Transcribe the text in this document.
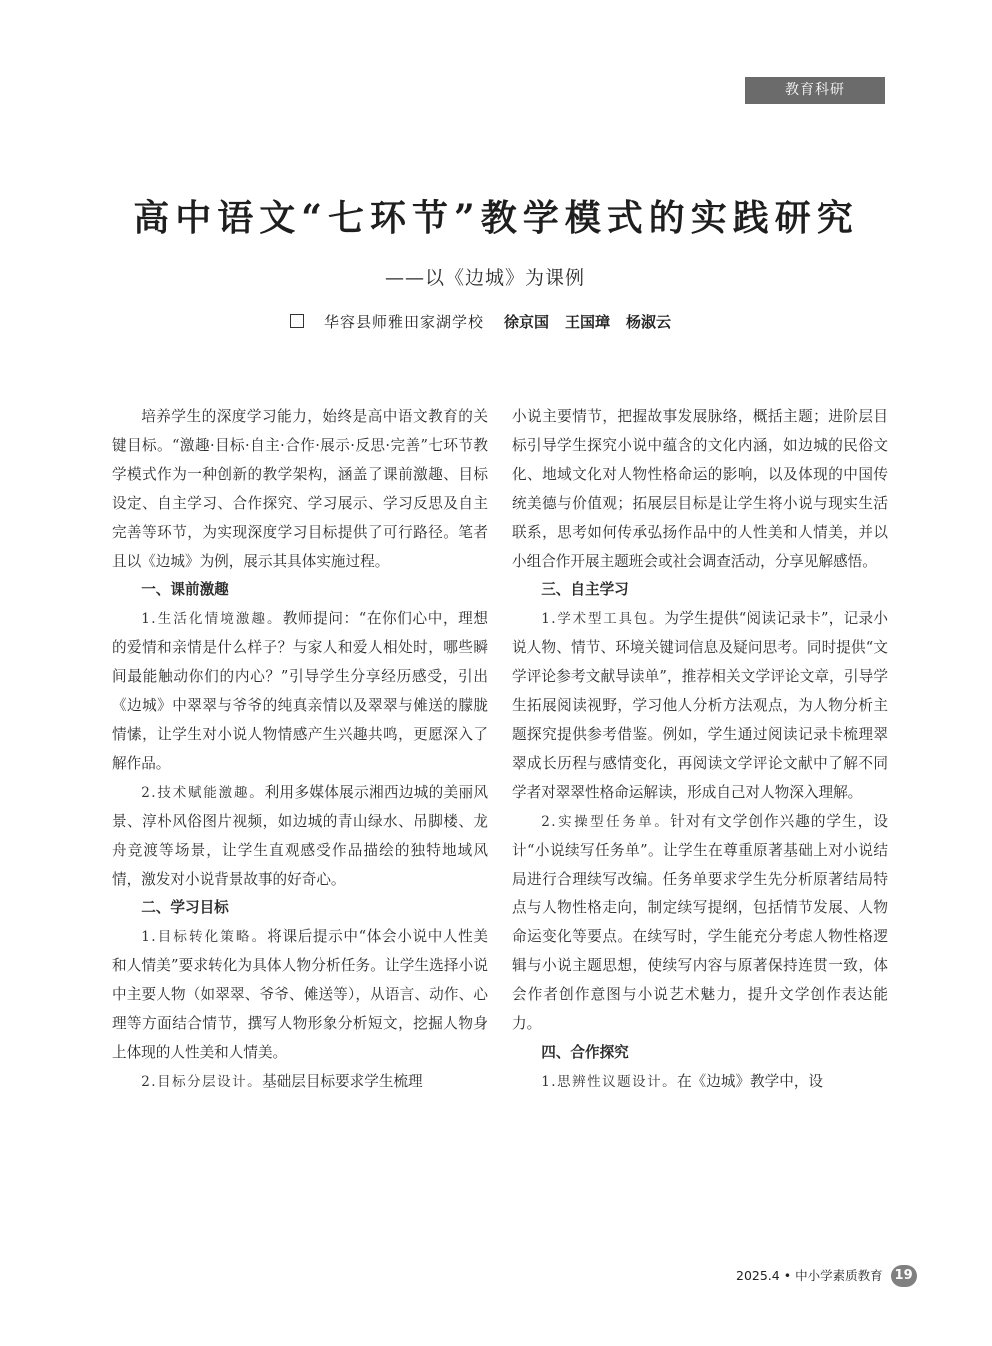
教育科研
高中语文“七环节”教学模式的实践研究
——以《边城》为课例
华容县师雅田家湖学校 徐京国 王国璋 杨淑云

培养学生的深度学习能力，始终是高中语文教育的关键目标。“激趣·目标·自主·合作·展示·反思·完善”七环节教学模式作为一种创新的教学架构，涵盖了课前激趣、目标设定、自主学习、合作探究、学习展示、学习反思及自主完善等环节，为实现深度学习目标提供了可行路径。笔者且以《边城》为例，展示其具体实施过程。

一、课前激趣

1.生活化情境激趣。教师提问：“在你们心中，理想的爱情和亲情是什么样子？与家人和爱人相处时，哪些瞬间最能触动你们的内心？”引导学生分享经历感受，引出《边城》中翠翠与爷爷的纯真亲情以及翠翠与傩送的朦胧情愫，让学生对小说人物情感产生兴趣共鸣，更愿深入了解作品。

2.技术赋能激趣。利用多媒体展示湘西边城的美丽风景、淳朴风俗图片视频，如边城的青山绿水、吊脚楼、龙舟竞渡等场景，让学生直观感受作品描绘的独特地域风情，激发对小说背景故事的好奇心。

二、学习目标

1.目标转化策略。将课后提示中“体会小说中人性美和人情美”要求转化为具体人物分析任务。让学生选择小说中主要人物（如翠翠、爷爷、傩送等），从语言、动作、心理等方面结合情节，撰写人物形象分析短文，挖掘人物身上体现的人性美和人情美。

2.目标分层设计。基础层目标要求学生梳理

小说主要情节，把握故事发展脉络，概括主题；进阶层目标引导学生探究小说中蕴含的文化内涵，如边城的民俗文化、地域文化对人物性格命运的影响，以及体现的中国传统美德与价值观；拓展层目标是让学生将小说与现实生活联系，思考如何传承弘扬作品中的人性美和人情美，并以小组合作开展主题班会或社会调查活动，分享见解感悟。

三、自主学习

1.学术型工具包。为学生提供“阅读记录卡”，记录小说人物、情节、环境关键词信息及疑问思考。同时提供“文学评论参考文献导读单”，推荐相关文学评论文章，引导学生拓展阅读视野，学习他人分析方法观点，为人物分析主题探究提供参考借鉴。例如，学生通过阅读记录卡梳理翠翠成长历程与感情变化，再阅读文学评论文献中了解不同学者对翠翠性格命运解读，形成自己对人物深入理解。

2.实操型任务单。针对有文学创作兴趣的学生，设计“小说续写任务单”。让学生在尊重原著基础上对小说结局进行合理续写改编。任务单要求学生先分析原著结局特点与人物性格走向，制定续写提纲，包括情节发展、人物命运变化等要点。在续写时，学生能充分考虑人物性格逻辑与小说主题思想，使续写内容与原著保持连贯一致，体会作者创作意图与小说艺术魅力，提升文学创作表达能力。

四、合作探究

1.思辨性议题设计。在《边城》教学中，设

2025.4 • 中小学素质教育 19
